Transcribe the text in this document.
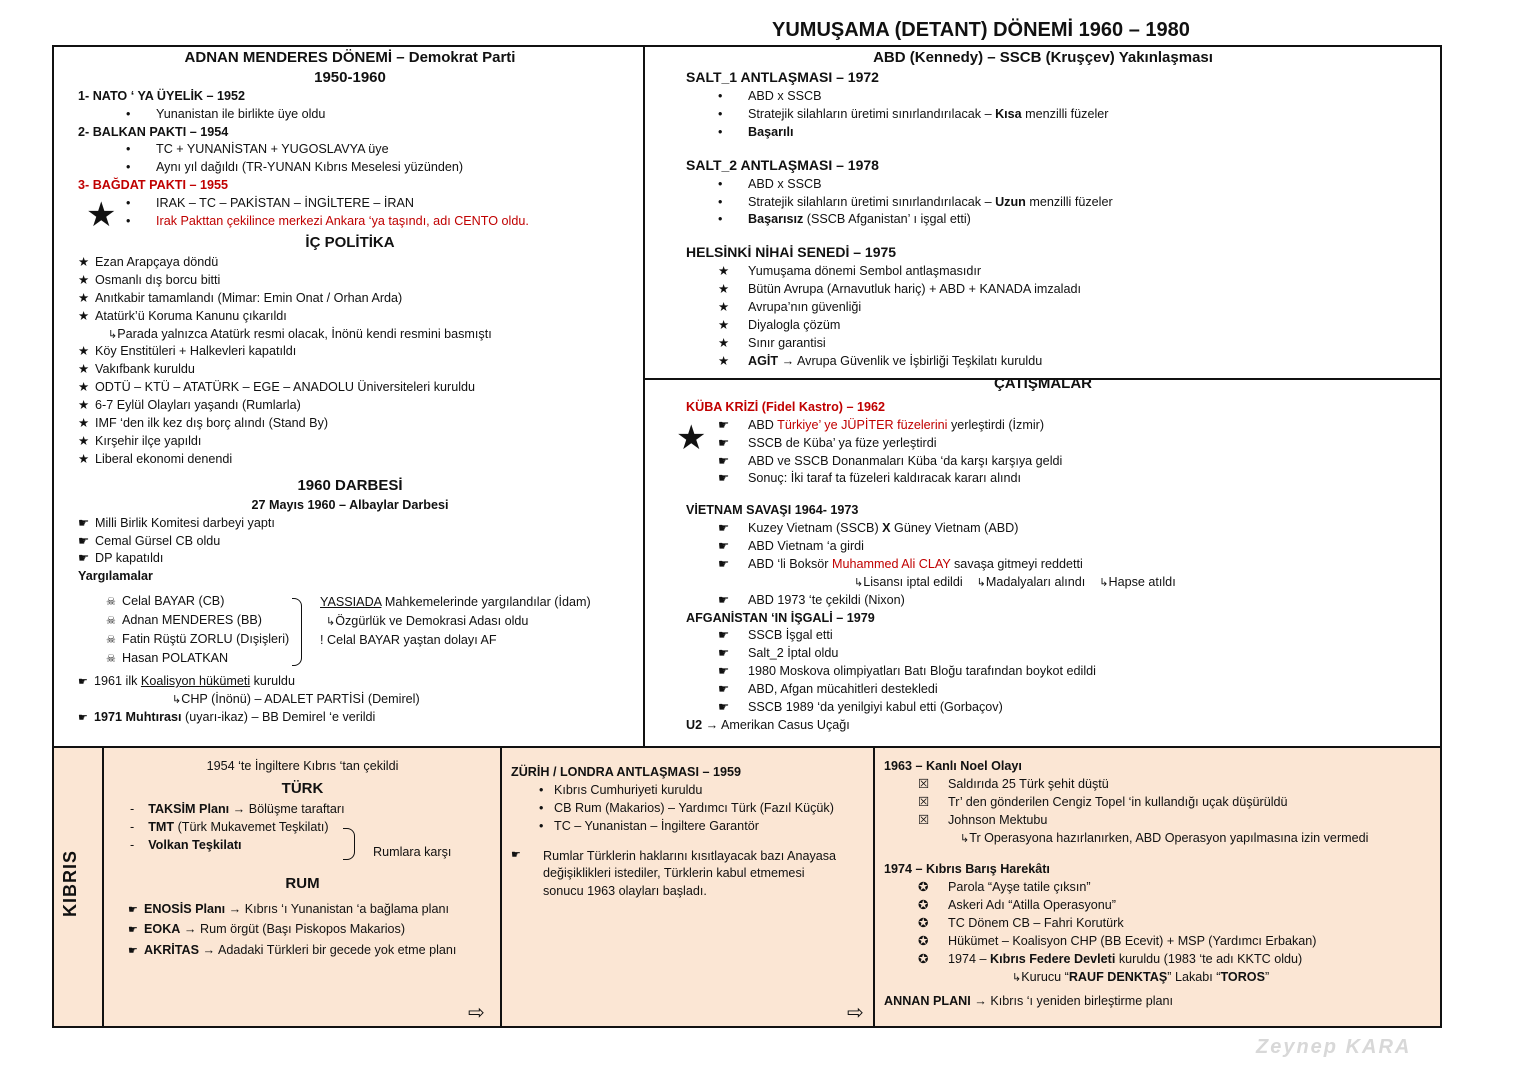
YUMUŞAMA (DETANT) DÖNEMİ 1960 – 1980

ADNAN MENDERES DÖNEMİ – Demokrat Parti

1950-1960

1- NATO ‘ YA ÜYELİK – 1952

• Yunanistan ile birlikte üye oldu

2- BALKAN PAKTI – 1954

• TC + YUNANİSTAN + YUGOSLAVYA üye

• Aynı yıl dağıldı (TR-YUNAN Kıbrıs Meselesi yüzünden)

3- BAĞDAT PAKTI – 1955

• IRAK – TC – PAKİSTAN – İNGİLTERE – İRAN

• Irak Pakttan çekilince merkezi Ankara ‘ya taşındı, adı CENTO oldu.

İÇ POLİTİKA

★ Ezan Arapçaya döndü

★ Osmanlı dış borcu bitti

★ Anıtkabir tamamlandı (Mimar: Emin Onat / Orhan Arda)

★ Atatürk’ü Koruma Kanunu çıkarıldı

↳Parada yalnızca Atatürk resmi olacak, İnönü kendi resmini basmıştı

★ Köy Enstitüleri + Halkevleri kapatıldı

★ Vakıfbank kuruldu

★ ODTÜ – KTÜ – ATATÜRK – EGE – ANADOLU Üniversiteleri kuruldu

★ 6-7 Eylül Olayları yaşandı (Rumlarla)

★ IMF ‘den ilk kez dış borç alındı (Stand By)

★ Kırşehir ilçe yapıldı

★ Liberal ekonomi denendi

1960 DARBESİ

27 Mayıs 1960 – Albaylar Darbesi

☛ Milli Birlik Komitesi darbeyi yaptı

☛ Cemal Gürsel CB oldu

☛ DP kapatıldı

Yargılamalar

☠ Celal BAYAR (CB)

☠ Adnan MENDERES (BB)

☠ Fatin Rüştü ZORLU (Dışişleri)

☠ Hasan POLATKAN

YASSIADA Mahkemelerinde yargılandılar (İdam)

↳Özgürlük ve Demokrasi Adası oldu

! Celal BAYAR yaştan dolayı AF

☛ 1961 ilk Koalisyon hükümeti kuruldu

↳CHP (İnönü) – ADALET PARTİSİ (Demirel)

☛ 1971 Muhtırası (uyarı-ikaz) – BB Demirel ‘e verildi

★

ABD (Kennedy) – SSCB (Kruşçev) Yakınlaşması

SALT_1 ANTLAŞMASI – 1972

• ABD x SSCB

• Stratejik silahların üretimi sınırlandırılacak – Kısa menzilli füzeler

• Başarılı

SALT_2 ANTLAŞMASI – 1978

• ABD x SSCB

• Stratejik silahların üretimi sınırlandırılacak – Uzun menzilli füzeler

• Başarısız (SSCB Afganistan’ ı işgal etti)

HELSİNKİ NİHAİ SENEDİ – 1975

★ Yumuşama dönemi Sembol antlaşmasıdır

★ Bütün Avrupa (Arnavutluk hariç) + ABD + KANADA imzaladı

★ Avrupa’nın güvenliği

★ Diyalogla çözüm

★ Sınır garantisi

★ AGİT → Avrupa Güvenlik ve İşbirliği Teşkilatı kuruldu

ÇATIŞMALAR

KÜBA KRİZİ (Fidel Kastro) – 1962

☛ ABD Türkiye’ ye JÜPİTER füzelerini yerleştirdi (İzmir)

☛ SSCB de Küba’ ya füze yerleştirdi

☛ ABD ve SSCB Donanmaları Küba ‘da karşı karşıya geldi

☛ Sonuç: İki taraf ta füzeleri kaldıracak kararı alındı

VİETNAM SAVAŞI 1964- 1973

☛ Kuzey Vietnam (SSCB) X Güney Vietnam (ABD)

☛ ABD Vietnam ‘a girdi

☛ ABD ‘li Boksör Muhammed Ali CLAY savaşa gitmeyi reddetti

↳Lisansı iptal edildi ↳Madalyaları alındı ↳Hapse atıldı

☛ ABD 1973 ‘te çekildi (Nixon)

AFGANİSTAN ‘IN İŞGALİ – 1979

☛ SSCB İşgal etti

☛ Salt_2 İptal oldu

☛ 1980 Moskova olimpiyatları Batı Bloğu tarafından boykot edildi

☛ ABD, Afgan mücahitleri destekledi

☛ SSCB 1989 ‘da yenilgiyi kabul etti (Gorbaçov)

U2 → Amerikan Casus Uçağı

★
KIBRIS

1954 ‘te İngiltere Kıbrıs ‘tan çekildi

TÜRK

-    TAKSİM Planı → Bölüşme taraftarı

-    TMT (Türk Mukavemet Teşkilatı)

-    Volkan Teşkilatı

RUM

☛ ENOSİS Planı → Kıbrıs ‘ı Yunanistan ‘a bağlama planı

☛ EOKA → Rum örgüt (Başı Piskopos Makarios)

☛ AKRİTAS → Adadaki Türkleri bir gecede yok etme planı

Rumlara karşı
⇨

ZÜRİH / LONDRA ANTLAŞMASI – 1959

• Kıbrıs Cumhuriyeti kuruldu

• CB Rum (Makarios) – Yardımcı Türk (Fazıl Küçük)

• TC – Yunanistan – İngiltere Garantör

☛	Rumlar Türklerin haklarını kısıtlayacak bazı Anayasa

değişiklikleri istediler, Türklerin kabul etmemesi

sonucu 1963 olayları başladı.

⇨

1963 – Kanlı Noel Olayı

☒ Saldırıda 25 Türk şehit düştü

☒ Tr’ den gönderilen Cengiz Topel ‘in kullandığı uçak düşürüldü

☒ Johnson Mektubu

↳Tr Operasyona hazırlanırken, ABD Operasyon yapılmasına izin vermedi

1974 – Kıbrıs Barış Harekâtı

✪ Parola “Ayşe tatile çıksın”

✪ Askeri Adı “Atilla Operasyonu”

✪ TC Dönem CB – Fahri Korutürk

✪ Hükümet – Koalisyon CHP (BB Ecevit) + MSP (Yardımcı Erbakan)

✪ 1974 – Kıbrıs Federe Devleti kuruldu (1983 ‘te adı KKTC oldu)

↳Kurucu “RAUF DENKTAŞ” Lakabı “TOROS”

ANNAN PLANI → Kıbrıs ‘ı yeniden birleştirme planı

Zeynep KARA
